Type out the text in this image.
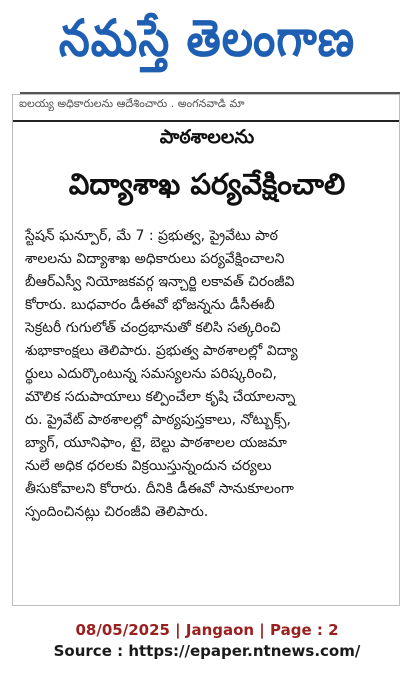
నమస్తే తెలంగాణ
ఐలయ్య అధికారులను ఆదేశించారు . అంగనవాడి మా
పాఠశాలలను
విద్యాశాఖ పర్యవేక్షించాలి
స్టేషన్ ఘన్పూర్, మే 7 : ప్రభుత్వ, ప్రైవేటు పాఠ
శాలలను విద్యాశాఖ అధికారులు పర్యవేక్షించాలని
బీఆర్ఎస్వీ నియోజకవర్గ ఇన్చార్జి లకావత్ చిరంజీవి
కోరారు. బుధవారం డీఈవో భోజన్నను డీసీఈబీ
సెక్రటరీ గుగులోత్ చంద్రభానుతో కలిసి సత్కరించి
శుభాకాంక్షలు తెలిపారు. ప్రభుత్వ పాఠశాలల్లో విద్యా
ర్థులు ఎదుర్కొంటున్న సమస్యలను పరిష్కరించి,
మౌలిక సదుపాయాలు కల్పించేలా కృషి చేయాలన్నా
రు. ప్రైవేట్ పాఠశాలల్లో పాఠ్యపుస్తకాలు, నోట్బుక్స్,
బ్యాగ్, యూనిఫాం, టై, బెల్టు పాఠశాలల యజమా
నులే అధిక ధరలకు విక్రయిస్తున్నందున చర్యలు
తీసుకోవాలని కోరారు. దీనికి డీఈవో సానుకూలంగా
స్పందించినట్లు చిరంజీవి తెలిపారు.
08/05/2025 | Jangaon | Page : 2
Source : https://epaper.ntnews.com/
